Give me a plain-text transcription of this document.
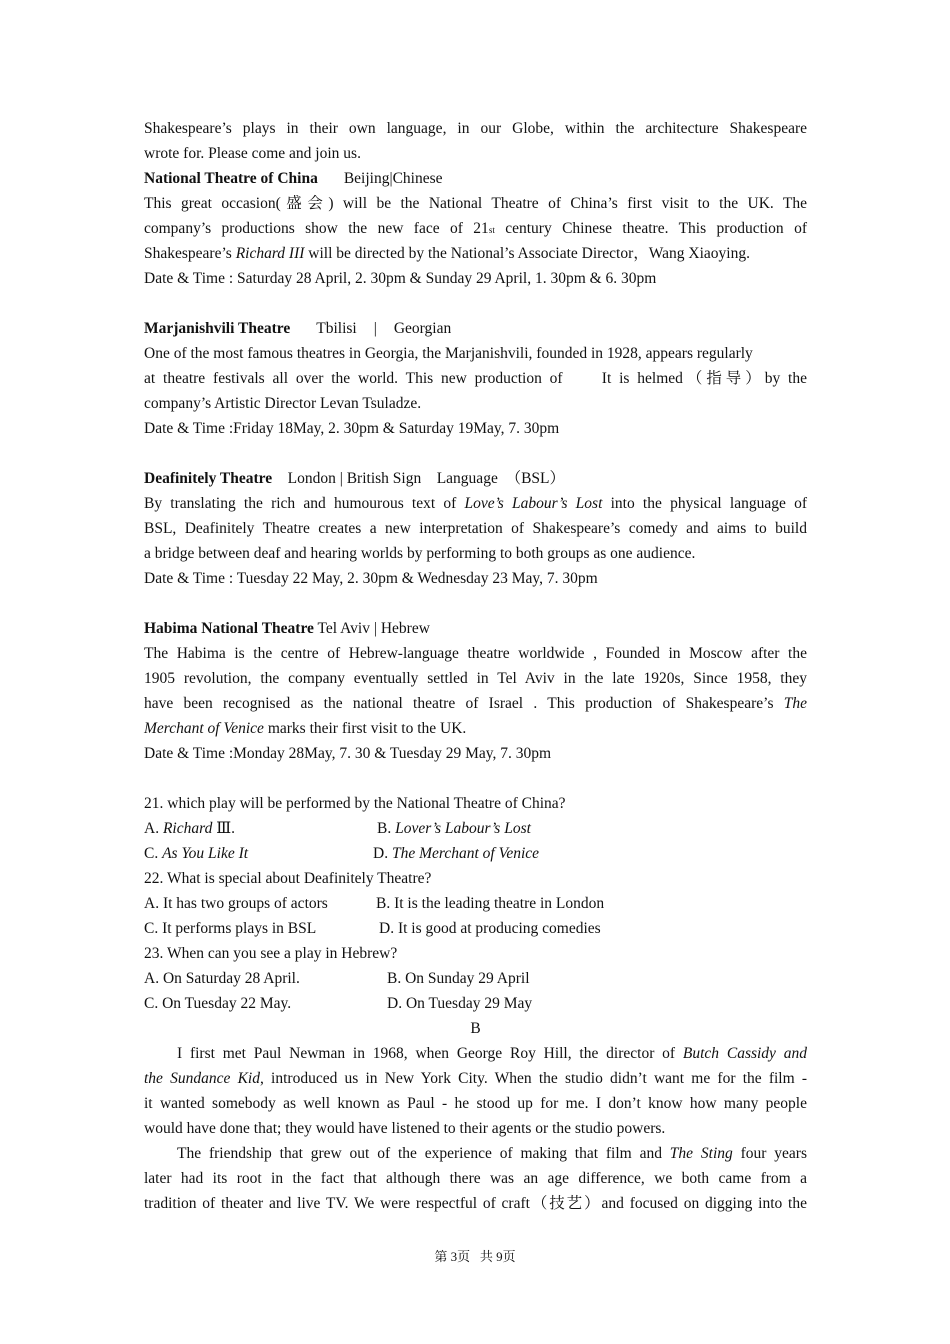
Shakespeare’s plays in their own language, in our Globe, within the architecture Shakespeare
wrote for. Please come and join us.
National Theatre of China Beijing|Chinese
This great occasion(盛会) will be the National Theatre of China’s first visit to the UK. The
company’s productions show the new face of 21st century Chinese theatre. This production of
Shakespeare’s Richard III will be directed by the National’s Associate Director，Wang Xiaoying.
Date & Time : Saturday 28 April, 2. 30pm & Sunday 29 April, 1. 30pm & 6. 30pm
Marjanishvili Theatre Tbilisi | Georgian
One of the most famous theatres in Georgia, the Marjanishvili, founded in 1928, appears regularly
at theatre festivals all over the world. This new production of     It is helmed（指导）by the
company’s Artistic Director Levan Tsuladze.
Date & Time :Friday 18May, 2. 30pm & Saturday 19May, 7. 30pm
Deafinitely Theatre London | British Sign    Language  （BSL）
By translating the rich and humourous text of Love’s Labour’s Lost into the physical language of
BSL, Deafinitely Theatre creates a new interpretation of Shakespeare’s comedy and aims to build
a bridge between deaf and hearing worlds by performing to both groups as one audience.
Date & Time : Tuesday 22 May, 2. 30pm & Wednesday 23 May, 7. 30pm
Habima National Theatre Tel Aviv | Hebrew
The Habima is the centre of Hebrew-language theatre worldwide , Founded in Moscow after the
1905 revolution, the company eventually settled in Tel Aviv in the late 1920s, Since 1958, they
have been recognised as the national theatre of Israel . This production of Shakespeare’s The
Merchant of Venice marks their first visit to the UK.
Date & Time :Monday 28May, 7. 30 & Tuesday 29 May, 7. 30pm
21. which play will be performed by the National Theatre of China?
A. Richard Ⅲ.	B. Lover’s Labour’s Lost
C. As You Like It	D. The Merchant of Venice
22. What is special about Deafinitely Theatre?
A. It has two groups of actors	B. It is the leading theatre in London
C. It performs plays in BSL	D. It is good at producing comedies
23. When can you see a play in Hebrew?
A. On Saturday 28 April.	B. On Sunday 29 April
C. On Tuesday 22 May.	D. On Tuesday 29 May
B
I first met Paul Newman in 1968, when George Roy Hill, the director of Butch Cassidy and
the Sundance Kid, introduced us in New York City. When the studio didn’t want me for the film -
it wanted somebody as well known as Paul - he stood up for me. I don’t know how many people
would have done that; they would have listened to their agents or the studio powers.
The friendship that grew out of the experience of making that film and The Sting four years
later had its root in the fact that although there was an age difference, we both came from a
tradition of theater and live TV. We were respectful of craft（技艺）and focused on digging into the
第 3页   共 9页
